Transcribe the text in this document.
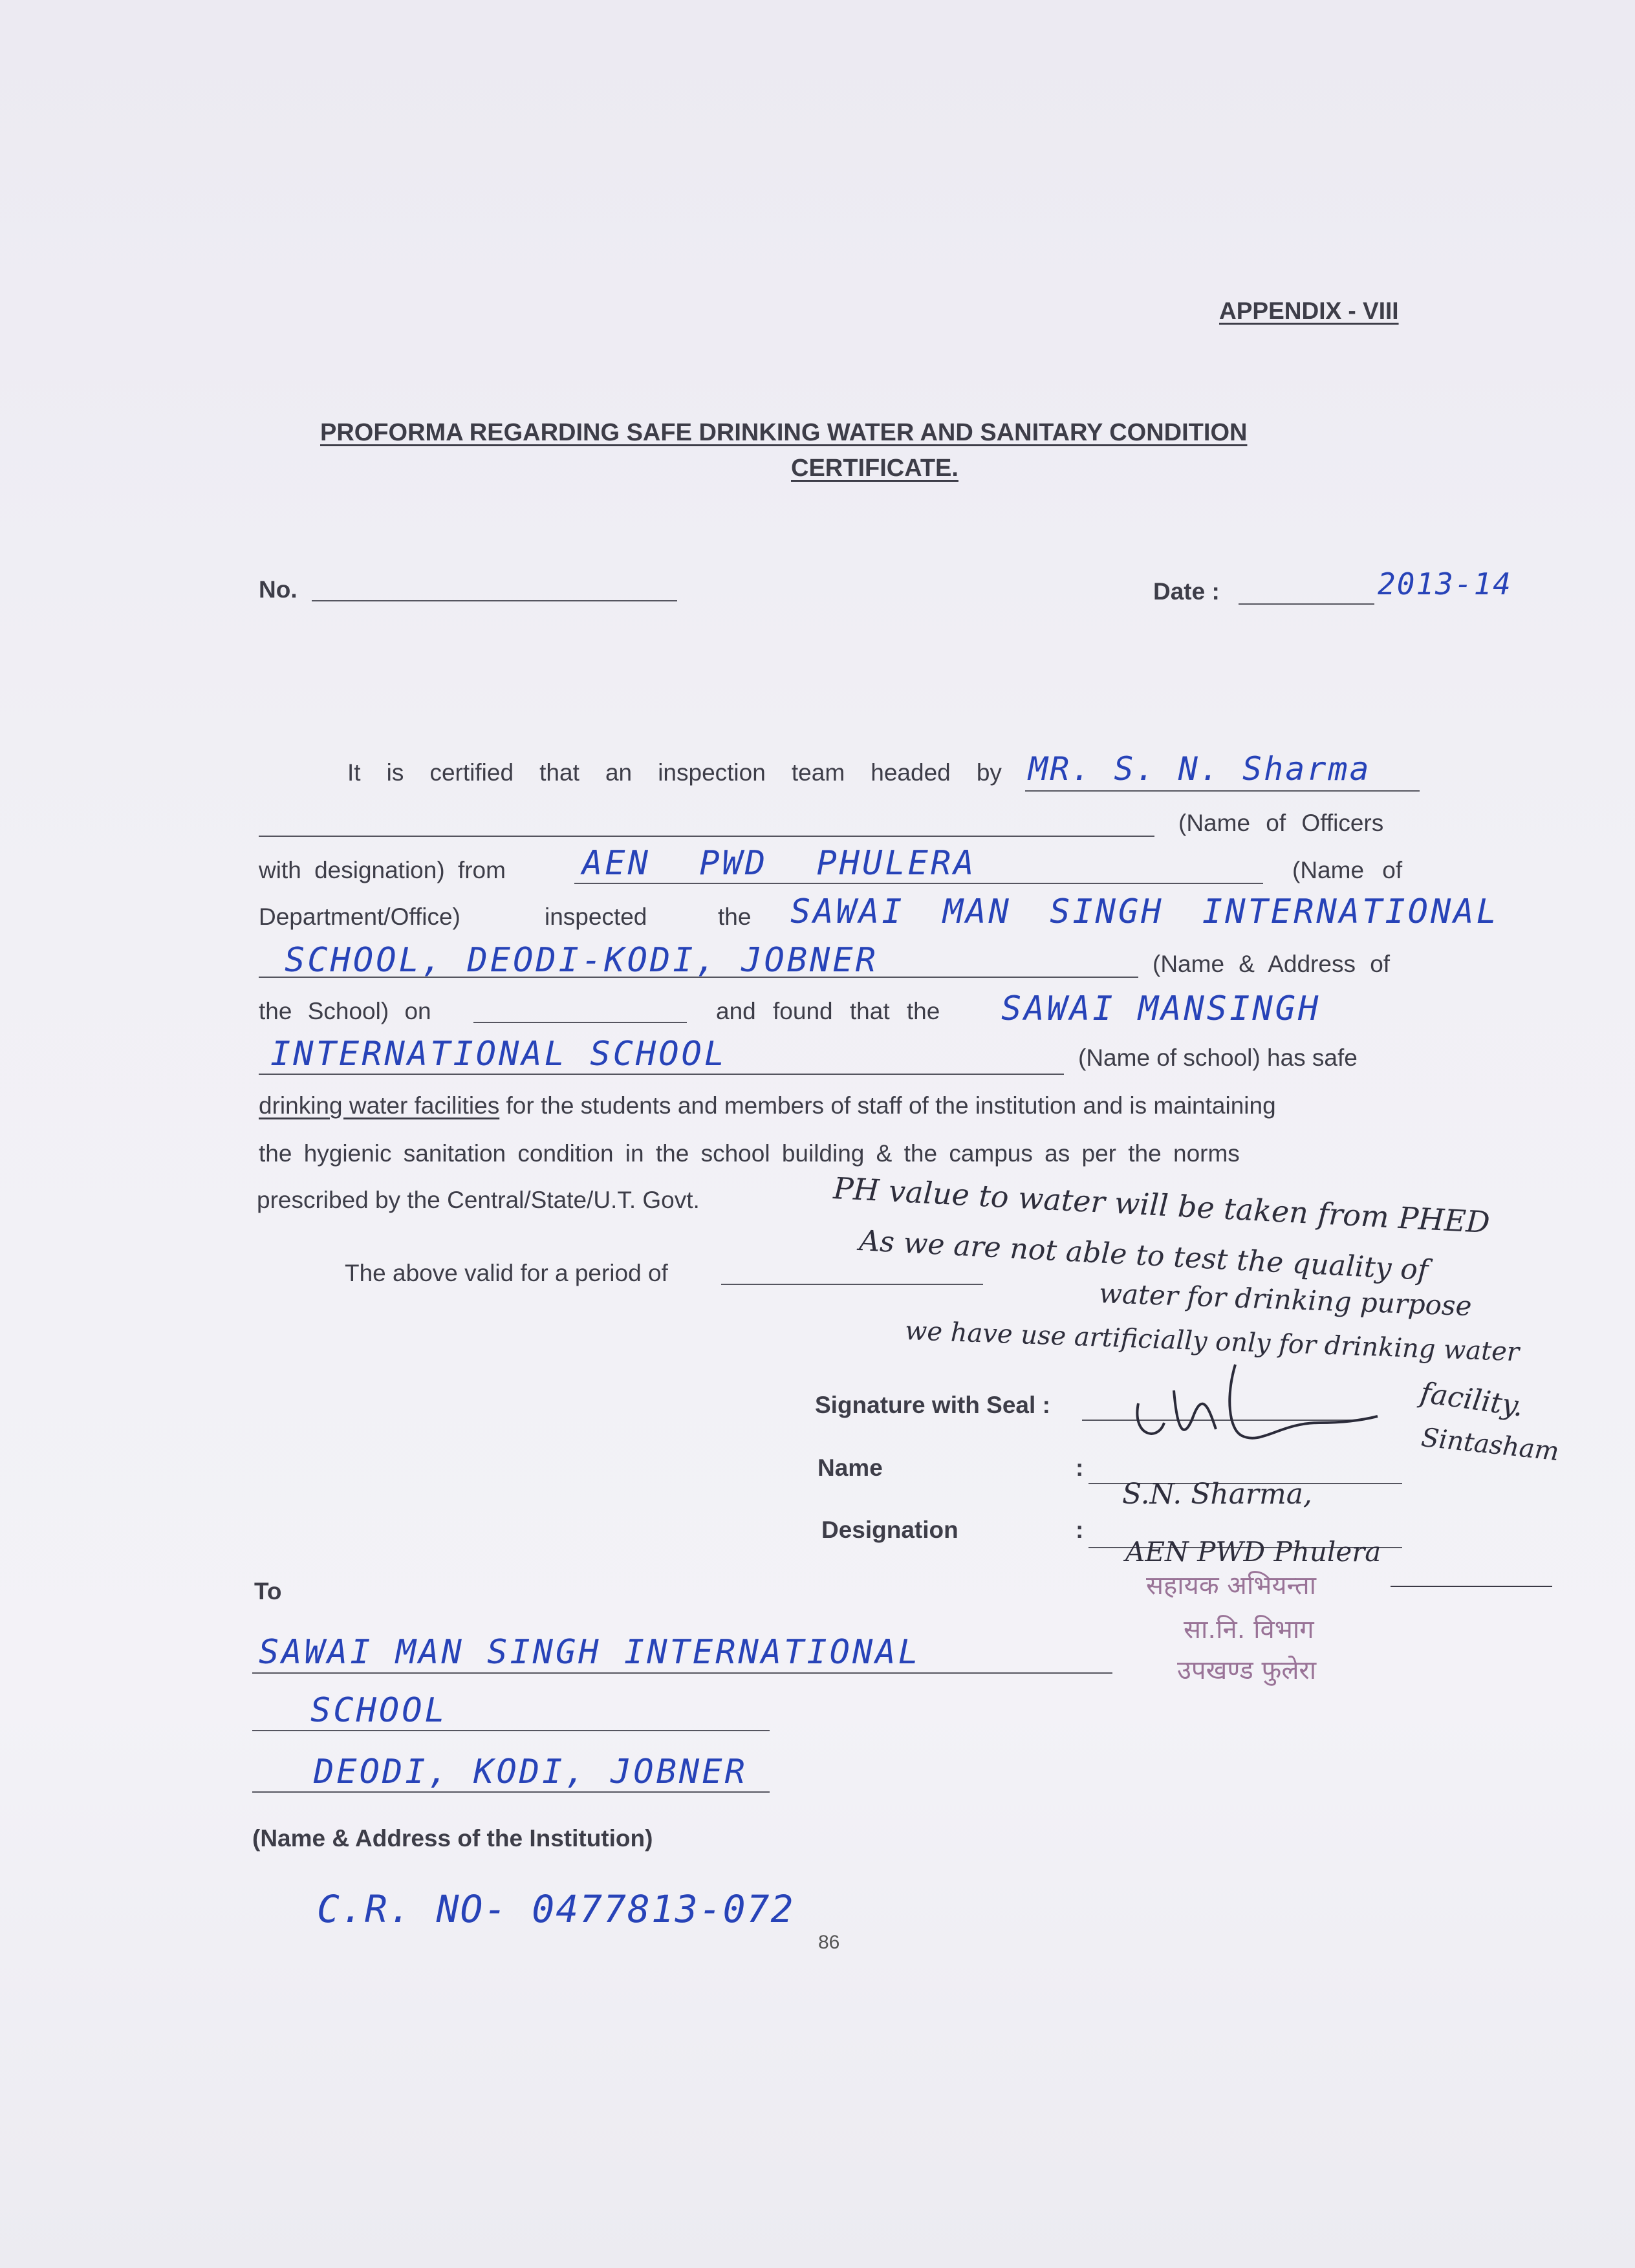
APPENDIX - VIII
PROFORMA REGARDING SAFE DRINKING WATER AND SANITARY CONDITION
CERTIFICATE.
No.	Date :	2013-14
It is certified that an inspection team headed by MR. S. N. Sharma
(Name of Officers
with designation) from AEN PWD PHULERA	(Name of
Department/Office)	inspected	the SAWAI MAN SINGH INTERNATIONAL
SCHOOL, DEODI-KODI, JOBNER	(Name & Address of
the School) on	and found that the SAWAI MANSINGH
INTERNATIONAL SCHOOL	(Name of school) has safe
drinking water facilities for the students and members of staff of the institution and is maintaining
the hygienic sanitation condition in the school building & the campus as per the norms
prescribed by the Central/State/U.T. Govt.
The above valid for a period of
PH value to water will be taken from PHED
As we are not able to test the quality of
water for drinking purpose
we have use artificially only for drinking water
facility.
Sintasham
Signature with Seal :
Name	:
S.N. Sharma,
Designation	:
AEN PWD Phulera
सहायक अभियन्ता
सा.नि. विभाग
उपखण्ड फुलेरा
To
SAWAI MAN SINGH INTERNATIONAL
SCHOOL
DEODI, KODI, JOBNER
(Name & Address of the Institution)
C.R. NO- 0477813-072
86
